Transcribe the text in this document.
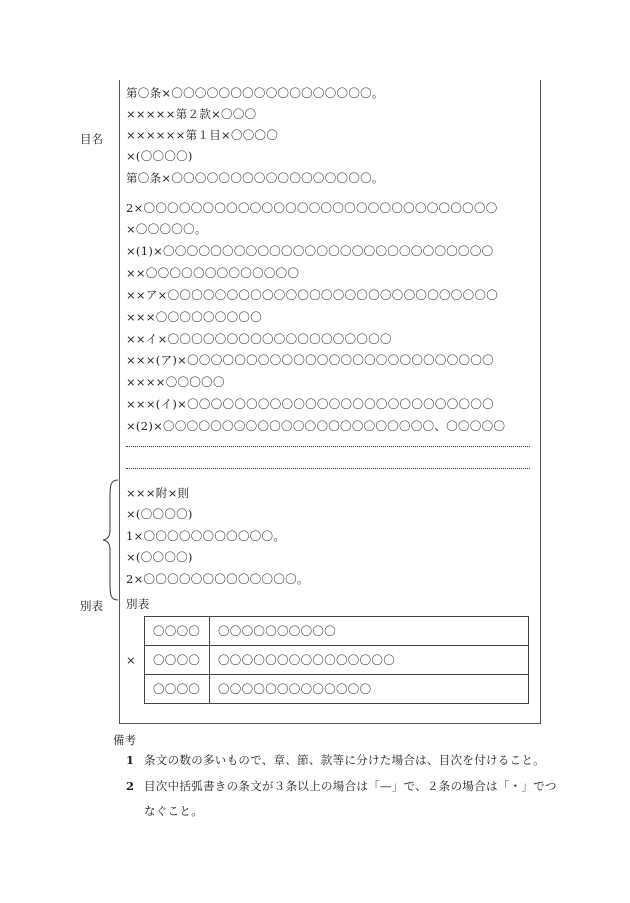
目名
別表
第〇条×〇〇〇〇〇〇〇〇〇〇〇〇〇〇〇〇〇。
×××××第２款×〇〇〇
××××××第１目×〇〇〇〇
×(〇〇〇〇)
第〇条×〇〇〇〇〇〇〇〇〇〇〇〇〇〇〇〇〇。
2×〇〇〇〇〇〇〇〇〇〇〇〇〇〇〇〇〇〇〇〇〇〇〇〇〇〇〇〇〇〇
×〇〇〇〇〇。
×(1)×〇〇〇〇〇〇〇〇〇〇〇〇〇〇〇〇〇〇〇〇〇〇〇〇〇〇〇〇
××〇〇〇〇〇〇〇〇〇〇〇〇〇
××ア×〇〇〇〇〇〇〇〇〇〇〇〇〇〇〇〇〇〇〇〇〇〇〇〇〇〇〇〇
×××〇〇〇〇〇〇〇〇〇
××イ×〇〇〇〇〇〇〇〇〇〇〇〇〇〇〇〇〇〇〇
×××(ア)×〇〇〇〇〇〇〇〇〇〇〇〇〇〇〇〇〇〇〇〇〇〇〇〇〇〇
××××〇〇〇〇〇
×××(イ)×〇〇〇〇〇〇〇〇〇〇〇〇〇〇〇〇〇〇〇〇〇〇〇〇〇〇
×(2)×〇〇〇〇〇〇〇〇〇〇〇〇〇〇〇〇〇〇〇〇〇〇〇、〇〇〇〇〇
×××附×則
×(〇〇〇〇)
1×〇〇〇〇〇〇〇〇〇〇〇。
×(〇〇〇〇)
2×〇〇〇〇〇〇〇〇〇〇〇〇〇。
別表
×
〇〇〇〇	〇〇〇〇〇〇〇〇〇〇
〇〇〇〇	〇〇〇〇〇〇〇〇〇〇〇〇〇〇〇
〇〇〇〇	〇〇〇〇〇〇〇〇〇〇〇〇〇
備考
1 条文の数の多いもので、章、節、款等に分けた場合は、目次を付けること。
2 目次中括弧書きの条文が３条以上の場合は「—」で、２条の場合は「・」でつ
なぐこと。
